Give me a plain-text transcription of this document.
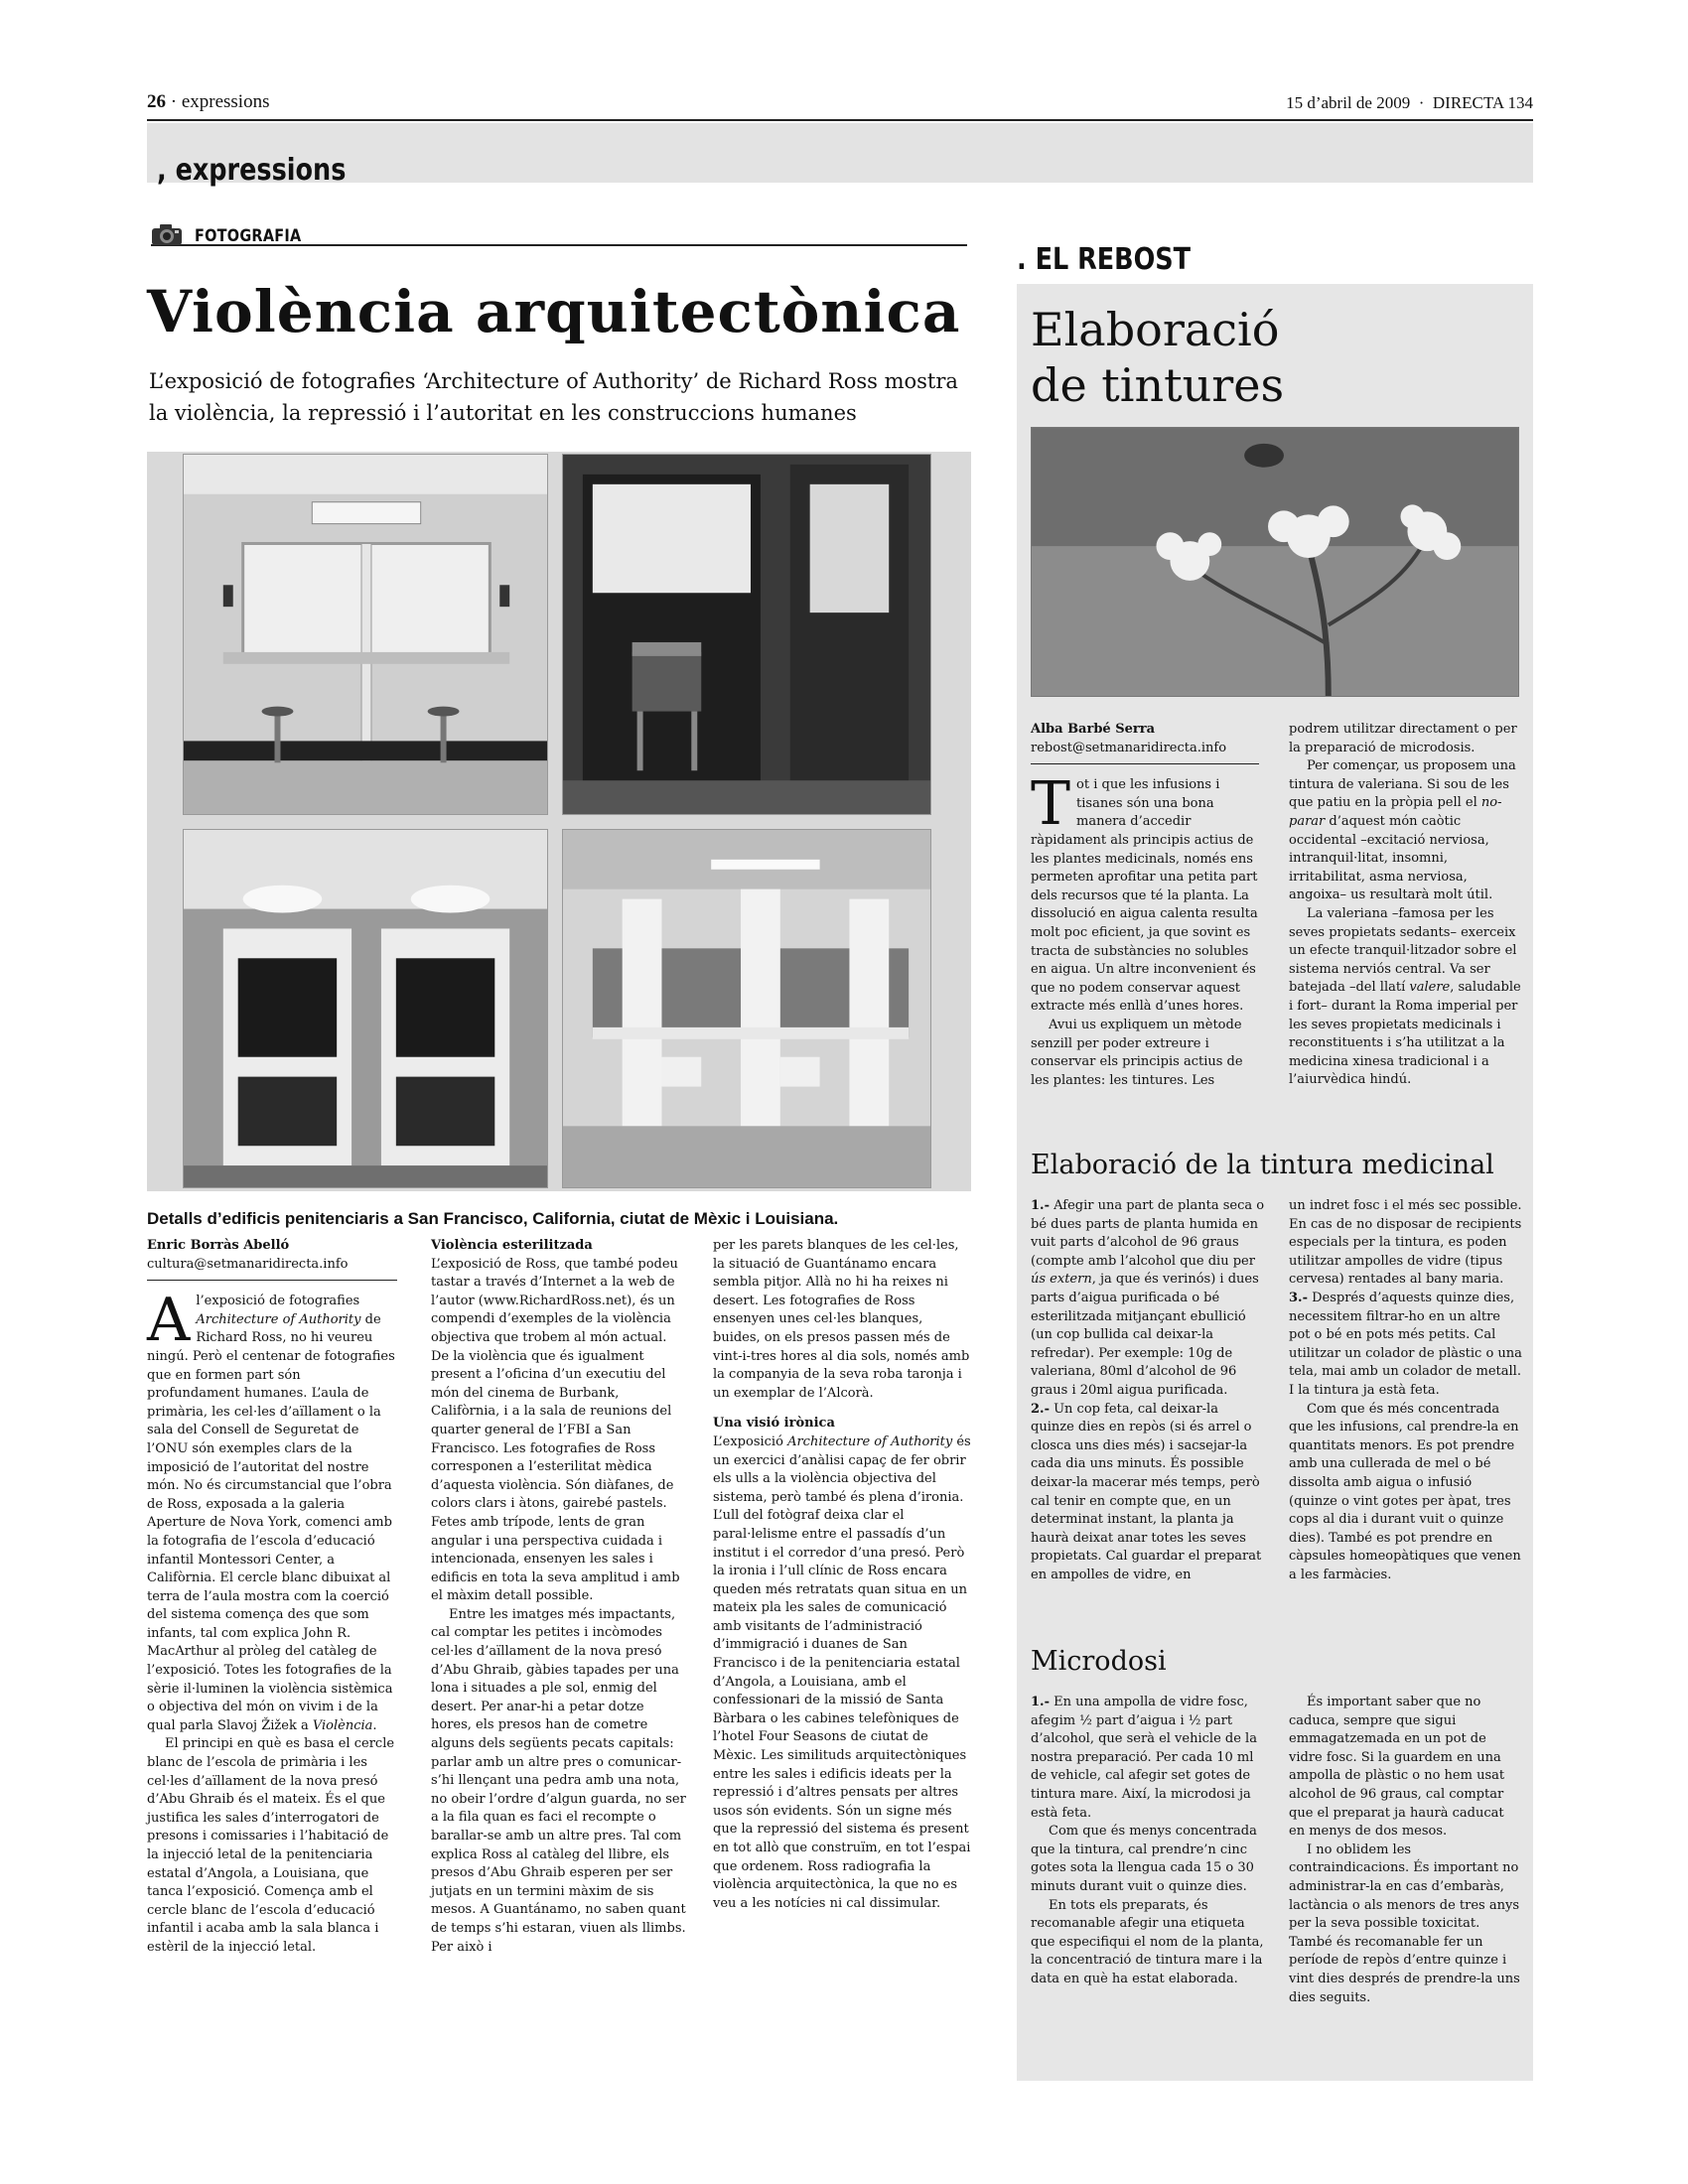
26 · expressions	15 d’abril de 2009 · DIRECTA 134
, expressions
FOTOGRAFIA
Violència arquitectònica
L’exposició de fotografies ‘Architecture of Authority’ de Richard Ross mostra la violència, la repressió i l’autoritat en les construccions humanes
Detalls d’edificis penitenciaris a San Francisco, California, ciutat de Mèxic i Louisiana.
Enric Borràs Abelló
cultura@setmanaridirecta.info

Al’exposició de fotografies Architecture of Authority de Richard Ross, no hi veureu ningú. Però el centenar de fotografies que en formen part són profundament humanes. L’aula de primària, les cel·les d’aïllament o la sala del Consell de Seguretat de l’ONU són exemples clars de la imposició de l’autoritat del nostre món. No és circumstancial que l’obra de Ross, exposada a la galeria Aperture de Nova York, comenci amb la fotografia de l’escola d’educació infantil Montessori Center, a Califòrnia. El cercle blanc dibuixat al terra de l’aula mostra com la coerció del sistema comença des que som infants, tal com explica John R. MacArthur al pròleg del catàleg de l’exposició. Totes les fotografies de la sèrie il·luminen la violència sistèmica o objectiva del món on vivim i de la qual parla Slavoj Žižek a Violència.

El principi en què es basa el cercle blanc de l’escola de primària i les cel·les d’aïllament de la nova presó d’Abu Ghraib és el mateix. És el que justifica les sales d’interrogatori de presons i comissaries i l’habitació de la injecció letal de la penitenciaria estatal d’Angola, a Louisiana, que tanca l’exposició. Comença amb el cercle blanc de l’escola d’educació infantil i acaba amb la sala blanca i estèril de la injecció letal.

Violència esterilitzada

L’exposició de Ross, que també podeu tastar a través d’Internet a la web de l’autor (www.RichardRoss.net), és un compendi d’exemples de la violència objectiva que trobem al món actual. De la violència que és igualment present a l’oficina d’un executiu del món del cinema de Burbank, Califòrnia, i a la sala de reunions del quarter general de l’FBI a San Francisco. Les fotografies de Ross corresponen a l’esterilitat mèdica d’aquesta violència. Són diàfanes, de colors clars i àtons, gairebé pastels. Fetes amb trípode, lents de gran angular i una perspectiva cuidada i intencionada, ensenyen les sales i edificis en tota la seva amplitud i amb el màxim detall possible.

Entre les imatges més impactants, cal comptar les petites i incòmodes cel·les d’aïllament de la nova presó d’Abu Ghraib, gàbies tapades per una lona i situades a ple sol, enmig del desert. Per anar-hi a petar dotze hores, els presos han de cometre alguns dels següents pecats capitals: parlar amb un altre pres o comunicar-s’hi llençant una pedra amb una nota, no obeir l’ordre d’algun guarda, no ser a la fila quan es faci el recompte o barallar-se amb un altre pres. Tal com explica Ross al catàleg del llibre, els presos d’Abu Ghraib esperen per ser jutjats en un termini màxim de sis mesos. A Guantánamo, no saben quant de temps s’hi estaran, viuen als llimbs. Per això i

per les parets blanques de les cel·les, la situació de Guantánamo encara sembla pitjor. Allà no hi ha reixes ni desert. Les fotografies de Ross ensenyen unes cel·les blanques, buides, on els presos passen més de vint-i-tres hores al dia sols, només amb la companyia de la seva roba taronja i un exemplar de l’Alcorà.

Una visió irònica

L’exposició Architecture of Authority és un exercici d’anàlisi capaç de fer obrir els ulls a la violència objectiva del sistema, però també és plena d’ironia. L’ull del fotògraf deixa clar el paral·lelisme entre el passadís d’un institut i el corredor d’una presó. Però la ironia i l’ull clínic de Ross encara queden més retratats quan situa en un mateix pla les sales de comunicació amb visitants de l’administració d’immigració i duanes de San Francisco i de la penitenciaria estatal d’Angola, a Louisiana, amb el confessionari de la missió de Santa Bàrbara o les cabines telefòniques de l’hotel Four Seasons de ciutat de Mèxic. Les similituds arquitectòniques entre les sales i edificis ideats per la repressió i d’altres pensats per altres usos són evidents. Són un signe més que la repressió del sistema és present en tot allò que construïm, en tot l’espai que ordenem. Ross radiografia la violència arquitectònica, la que no es veu a les notícies ni cal dissimular.

. EL REBOST
Elaboració
de tintures
Alba Barbé Serra
rebost@setmanaridirecta.info

Tot i que les infusions i tisanes són una bona manera d’accedir ràpidament als principis actius de les plantes medicinals, només ens permeten aprofitar una petita part dels recursos que té la planta. La dissolució en aigua calenta resulta molt poc eficient, ja que sovint es tracta de substàncies no solubles en aigua. Un altre inconvenient és que no podem conservar aquest extracte més enllà d’unes hores.

Avui us expliquem un mètode senzill per poder extreure i conservar els principis actius de les plantes: les tintures. Les

podrem utilitzar directament o per la preparació de microdosis.

Per començar, us proposem una tintura de valeriana. Si sou de les que patiu en la pròpia pell el no-parar d’aquest món caòtic occidental –excitació nerviosa, intranquil·litat, insomni, irritabilitat, asma nerviosa, angoixa– us resultarà molt útil.

La valeriana –famosa per les seves propietats sedants– exerceix un efecte tranquil·litzador sobre el sistema nerviós central. Va ser batejada –del llatí valere, saludable i fort– durant la Roma imperial per les seves propietats medicinals i reconstituents i s’ha utilitzat a la medicina xinesa tradicional i a l’aiurvèdica hindú.

Elaboració de la tintura medicinal

1.- Afegir una part de planta seca o bé dues parts de planta humida en vuit parts d’alcohol de 96 graus (compte amb l’alcohol que diu per ús extern, ja que és verinós) i dues parts d’aigua purificada o bé esterilitzada mitjançant ebullició (un cop bullida cal deixar-la refredar). Per exemple: 10g de valeriana, 80ml d’alcohol de 96 graus i 20ml aigua purificada.

2.- Un cop feta, cal deixar-la quinze dies en repòs (si és arrel o closca uns dies més) i sacsejar-la cada dia uns minuts. És possible deixar-la macerar més temps, però cal tenir en compte que, en un determinat instant, la planta ja haurà deixat anar totes les seves propietats. Cal guardar el preparat en ampolles de vidre, en

un indret fosc i el més sec possible. En cas de no disposar de recipients especials per la tintura, es poden utilitzar ampolles de vidre (tipus cervesa) rentades al bany maria.

3.- Després d’aquests quinze dies, necessitem filtrar-ho en un altre pot o bé en pots més petits. Cal utilitzar un colador de plàstic o una tela, mai amb un colador de metall. I la tintura ja està feta.

Com que és més concentrada que les infusions, cal prendre-la en quantitats menors. Es pot prendre amb una cullerada de mel o bé dissolta amb aigua o infusió (quinze o vint gotes per àpat, tres cops al dia i durant vuit o quinze dies). També es pot prendre en càpsules homeopàtiques que venen a les farmàcies.

Microdosi

1.- En una ampolla de vidre fosc, afegim ½ part d’aigua i ½ part d’alcohol, que serà el vehicle de la nostra preparació. Per cada 10 ml de vehicle, cal afegir set gotes de tintura mare. Així, la microdosi ja està feta.

Com que és menys concentrada que la tintura, cal prendre’n cinc gotes sota la llengua cada 15 o 30 minuts durant vuit o quinze dies.

En tots els preparats, és recomanable afegir una etiqueta que especifiqui el nom de la planta, la concentració de tintura mare i la data en què ha estat elaborada.

És important saber que no caduca, sempre que sigui emmagatzemada en un pot de vidre fosc. Si la guardem en una ampolla de plàstic o no hem usat alcohol de 96 graus, cal comptar que el preparat ja haurà caducat en menys de dos mesos.

I no oblidem les contraindicacions. És important no administrar-la en cas d’embaràs, lactància o als menors de tres anys per la seva possible toxicitat. També és recomanable fer un període de repòs d’entre quinze i vint dies després de prendre-la uns dies seguits.
